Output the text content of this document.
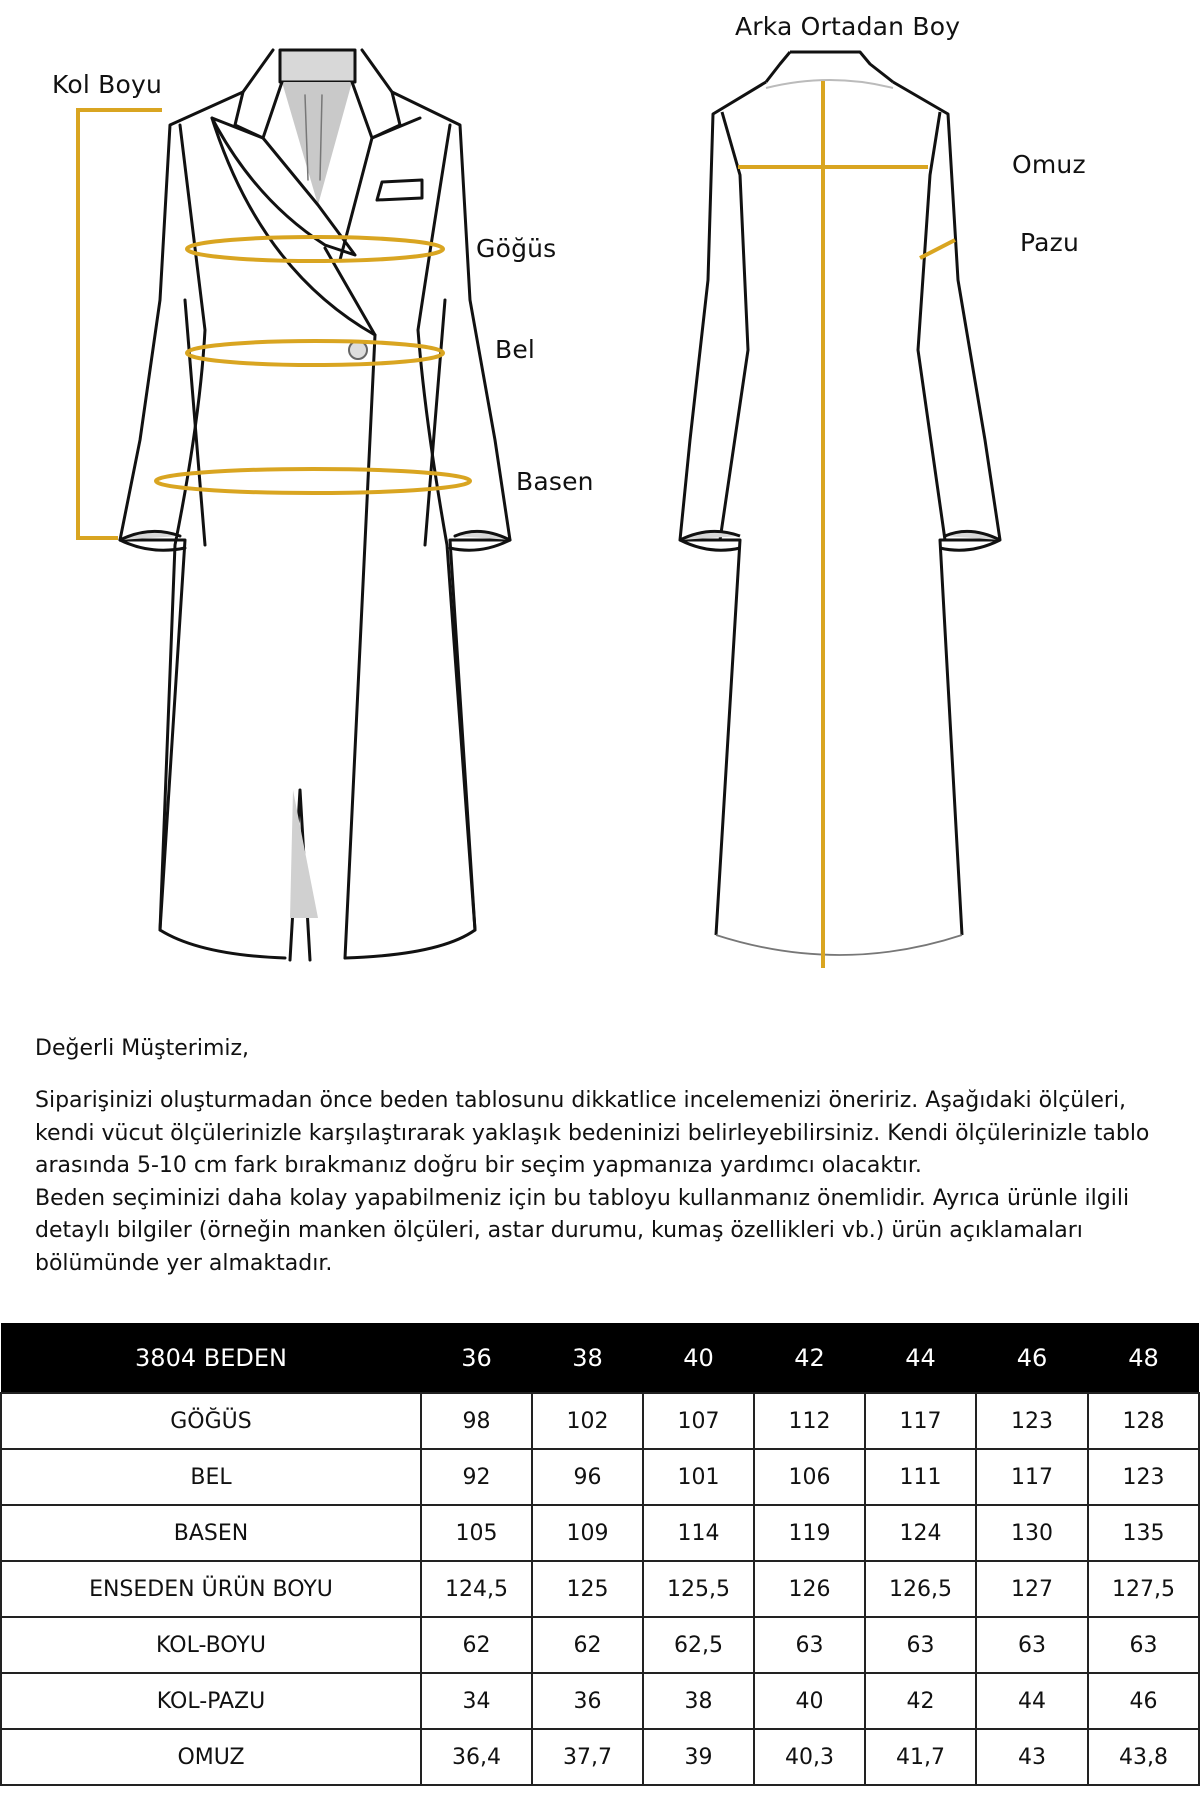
Kol Boyu
Göğüs
Bel
Basen
Arka Ortadan Boy
Omuz
Pazu
Değerli Müşterimiz,

Siparişinizi oluşturmadan önce beden tablosunu dikkatlice incelemenizi öneririz. Aşağıdaki ölçüleri, kendi vücut ölçülerinizle karşılaştırarak yaklaşık bedeninizi belirleyebilirsiniz. Kendi ölçülerinizle tablo arasında 5-10 cm fark bırakmanız doğru bir seçim yapmanıza yardımcı olacaktır.

Beden seçiminizi daha kolay yapabilmeniz için bu tabloyu kullanmanız önemlidir. Ayrıca ürünle ilgili detaylı bilgiler (örneğin manken ölçüleri, astar durumu, kumaş özellikleri vb.) ürün açıklamaları bölümünde yer almaktadır.

3804 BEDEN	36	38	40	42	44	46	48
GÖĞÜS	98	102	107	112	117	123	128
BEL	92	96	101	106	111	117	123
BASEN	105	109	114	119	124	130	135
ENSEDEN ÜRÜN BOYU	124,5	125	125,5	126	126,5	127	127,5
KOL-BOYU	62	62	62,5	63	63	63	63
KOL-PAZU	34	36	38	40	42	44	46
OMUZ	36,4	37,7	39	40,3	41,7	43	43,8
